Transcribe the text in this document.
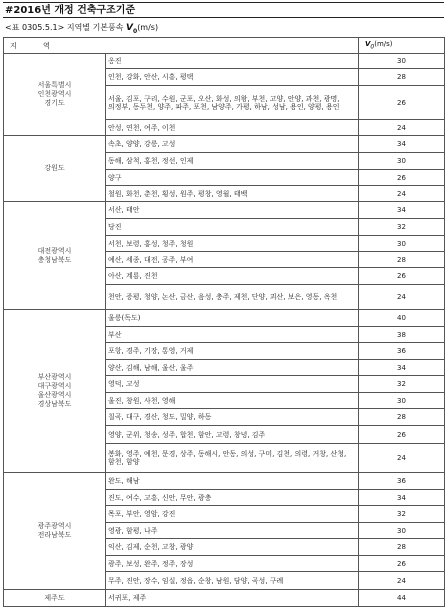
#2016년 개정 건축구조기준
<표 0305.5.1> 지역별 기본풍속 $V_0(m/s)$
지 역		$V_0(m/s)$

서울특별시
인천광역시
경기도	옹진	30
	인천, 강화, 안산, 시흥, 평택	28
	서울, 김포, 구리, 수원, 군포, 오산, 화성, 의왕, 부천, 고양, 안양, 과천, 광명, 의정부, 동두천, 양주, 파주, 포천, 남양주, 가평, 하남, 성남, 용인, 양평, 용인	26
	안성, 연천, 여주, 이천	24

강원도	속초, 양양, 강릉, 고성	34
	동해, 삼척, 홍천, 정선, 인제	30
	양구	26
	철원, 화천, 춘천, 횡성, 원주, 평창, 영월, 태백	24

대전광역시
충청남북도	서산, 태안	34
	당진	32
	서천, 보령, 홍성, 청주, 청원	30
	예산, 세종, 대전, 공주, 부여	28
	아산, 계룡, 진천	26
	천안, 증평, 청양, 논산, 금산, 음성, 충주, 제천, 단양, 괴산, 보은, 영동, 옥천	24

부산광역시
대구광역시
울산광역시
경상남북도	울릉(독도)	40
	부산	38
	포항, 경주, 기장, 통영, 거제	36
	양산, 김해, 남해, 울산, 울주	34
	영덕, 고성	32
	울진, 창원, 사천, 영해	30
	칠곡, 대구, 경산, 청도, 밀양, 하동	28
	영양, 군위, 청송, 성주, 합천, 함안, 고령, 창녕, 김주	26
	봉화, 영주, 예천, 문경, 상주, 동해시, 안동, 의성, 구미, 김천, 의령, 거창, 산청, 함천, 함양	24

광주광역시
전라남북도	완도, 해남	36
	진도, 여수, 고흥, 신안, 무안, 광충	34
	목포, 부안, 영암, 강진	32
	영광, 함평, 나주	30
	익산, 김제, 순천, 고창, 광양	28
	광주, 보성, 완주, 정주, 장성	26
	무주, 진안, 장수, 임실, 정읍, 순창, 남원, 담양, 곡성, 구례	24

제주도	서귀포, 제주	44
